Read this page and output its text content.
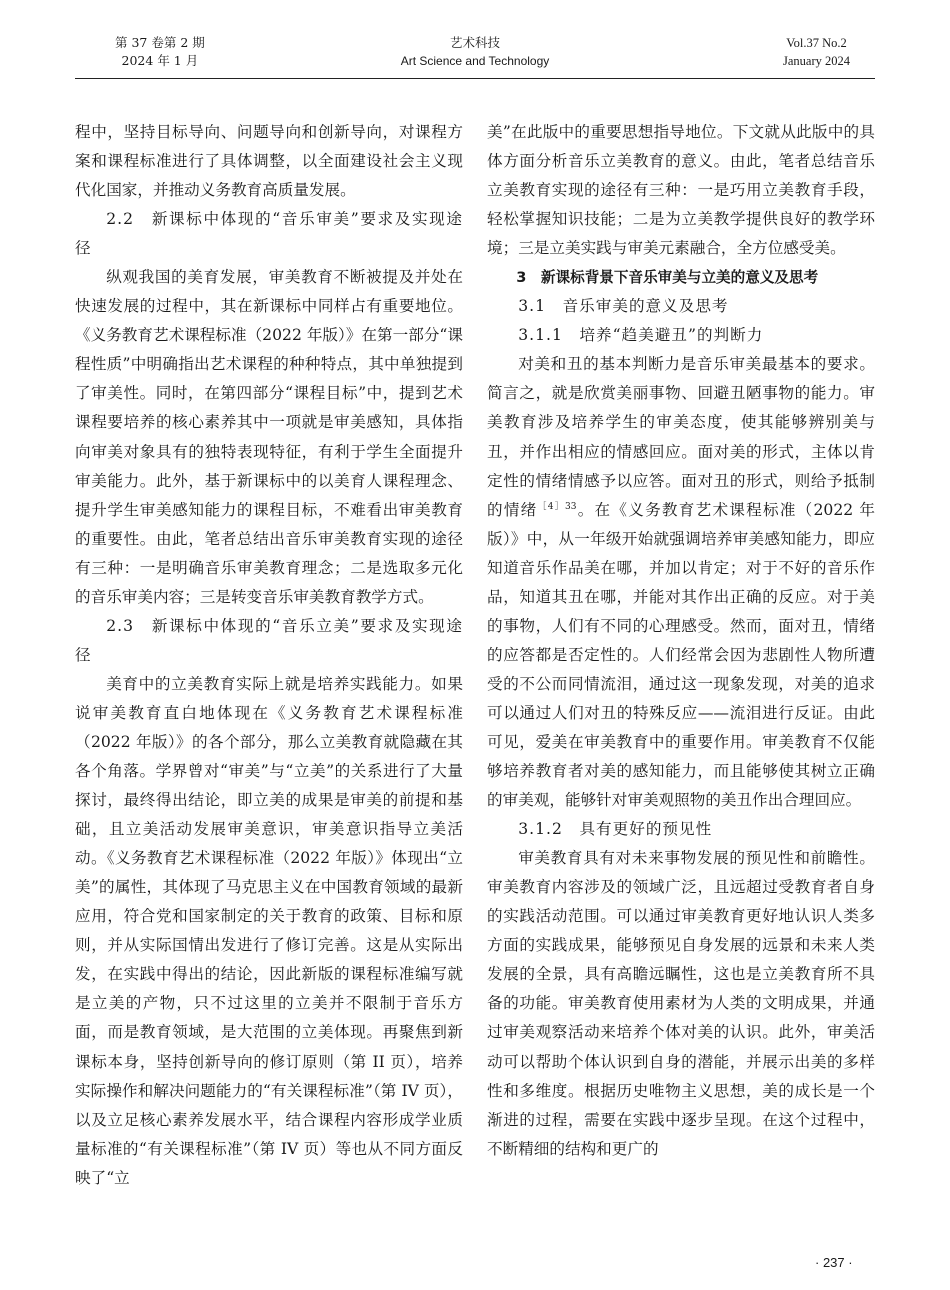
第 37 卷第 2 期
2024 年 1 月
艺术科技
Art Science and Technology
Vol.37 No.2
January 2024

程中，坚持目标导向、问题导向和创新导向，对课程方案和课程标准进行了具体调整，以全面建设社会主义现代化国家，并推动义务教育高质量发展。

2.2　新课标中体现的“音乐审美”要求及实现途径

纵观我国的美育发展，审美教育不断被提及并处在快速发展的过程中，其在新课标中同样占有重要地位。《义务教育艺术课程标准（2022 年版）》在第一部分“课程性质”中明确指出艺术课程的种种特点，其中单独提到了审美性。同时，在第四部分“课程目标”中，提到艺术课程要培养的核心素养其中一项就是审美感知，具体指向审美对象具有的独特表现特征，有利于学生全面提升审美能力。此外，基于新课标中的以美育人课程理念、提升学生审美感知能力的课程目标，不难看出审美教育的重要性。由此，笔者总结出音乐审美教育实现的途径有三种：一是明确音乐审美教育理念；二是选取多元化的音乐审美内容；三是转变音乐审美教育教学方式。

2.3　新课标中体现的“音乐立美”要求及实现途径

美育中的立美教育实际上就是培养实践能力。如果说审美教育直白地体现在《义务教育艺术课程标准（2022 年版）》的各个部分，那么立美教育就隐藏在其各个角落。学界曾对“审美”与“立美”的关系进行了大量探讨，最终得出结论，即立美的成果是审美的前提和基础，且立美活动发展审美意识，审美意识指导立美活动。《义务教育艺术课程标准（2022 年版）》体现出“立美”的属性，其体现了马克思主义在中国教育领域的最新应用，符合党和国家制定的关于教育的政策、目标和原则，并从实际国情出发进行了修订完善。这是从实际出发，在实践中得出的结论，因此新版的课程标准编写就是立美的产物，只不过这里的立美并不限制于音乐方面，而是教育领域，是大范围的立美体现。再聚焦到新课标本身，坚持创新导向的修订原则（第 II 页），培养实际操作和解决问题能力的“有关课程标准”（第 IV 页），以及立足核心素养发展水平，结合课程内容形成学业质量标准的“有关课程标准”（第 IV 页）等也从不同方面反映了“立

美”在此版中的重要思想指导地位。下文就从此版中的具体方面分析音乐立美教育的意义。由此，笔者总结音乐立美教育实现的途径有三种：一是巧用立美教育手段，轻松掌握知识技能；二是为立美教学提供良好的教学环境；三是立美实践与审美元素融合，全方位感受美。

3　新课标背景下音乐审美与立美的意义及思考

3.1　音乐审美的意义及思考

3.1.1　培养“趋美避丑”的判断力

对美和丑的基本判断力是音乐审美最基本的要求。简言之，就是欣赏美丽事物、回避丑陋事物的能力。审美教育涉及培养学生的审美态度，使其能够辨别美与丑，并作出相应的情感回应。面对美的形式，主体以肯定性的情绪情感予以应答。面对丑的形式，则给予抵制的情绪$^{[4]33}$。在《义务教育艺术课程标准（2022 年版）》中，从一年级开始就强调培养审美感知能力，即应知道音乐作品美在哪，并加以肯定；对于不好的音乐作品，知道其丑在哪，并能对其作出正确的反应。对于美的事物，人们有不同的心理感受。然而，面对丑，情绪的应答都是否定性的。人们经常会因为悲剧性人物所遭受的不公而同情流泪，通过这一现象发现，对美的追求可以通过人们对丑的特殊反应——流泪进行反证。由此可见，爱美在审美教育中的重要作用。审美教育不仅能够培养教育者对美的感知能力，而且能够使其树立正确的审美观，能够针对审美观照物的美丑作出合理回应。

3.1.2　具有更好的预见性

审美教育具有对未来事物发展的预见性和前瞻性。审美教育内容涉及的领域广泛，且远超过受教育者自身的实践活动范围。可以通过审美教育更好地认识人类多方面的实践成果，能够预见自身发展的远景和未来人类发展的全景，具有高瞻远瞩性，这也是立美教育所不具备的功能。审美教育使用素材为人类的文明成果，并通过审美观察活动来培养个体对美的认识。此外，审美活动可以帮助个体认识到自身的潜能，并展示出美的多样性和多维度。根据历史唯物主义思想，美的成长是一个渐进的过程，需要在实践中逐步呈现。在这个过程中，不断精细的结构和更广的

· 237 ·
